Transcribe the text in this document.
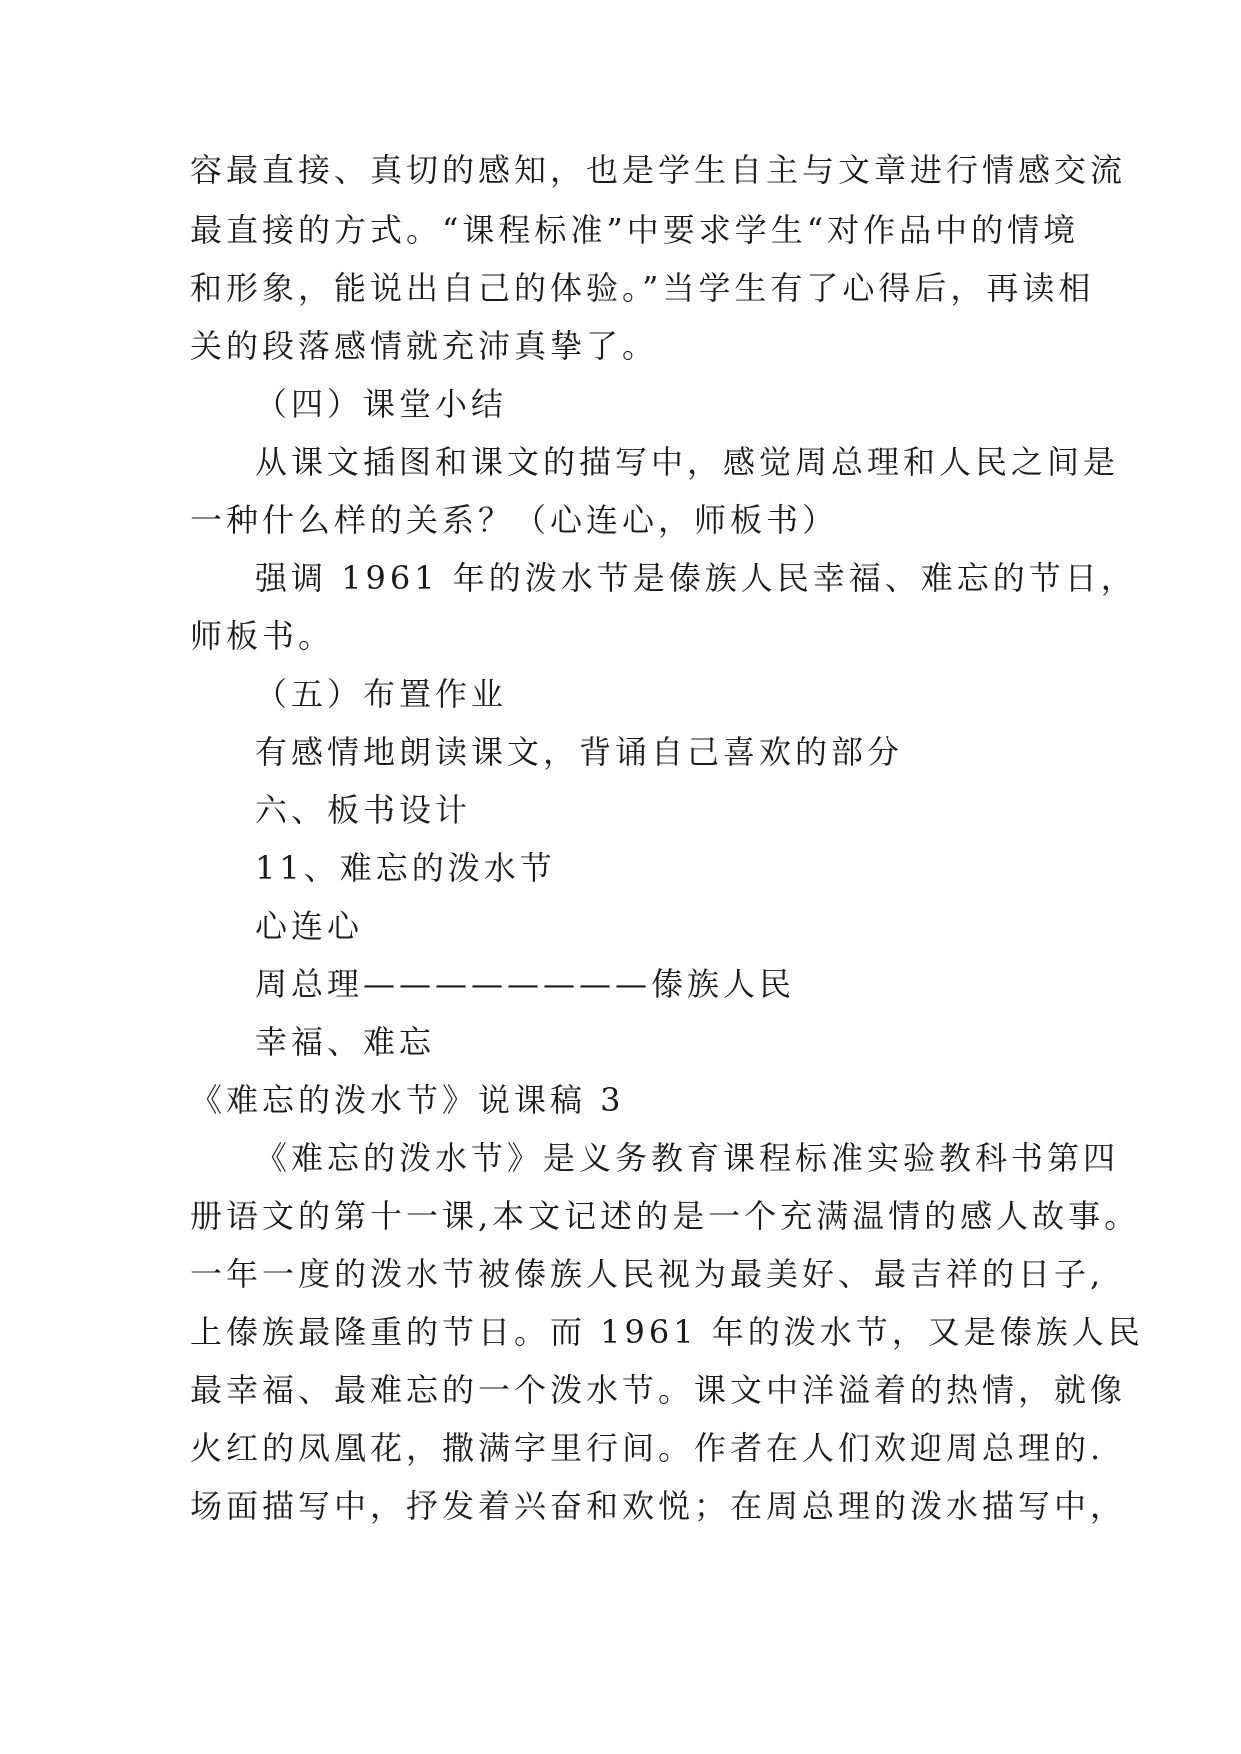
容最直接、真切的感知，也是学生自主与文章进行情感交流
最直接的方式。“课程标准”中要求学生“对作品中的情境
和形象，能说出自己的体验。”当学生有了心得后，再读相
关的段落感情就充沛真挚了。
（四）课堂小结
从课文插图和课文的描写中，感觉周总理和人民之间是
一种什么样的关系？（心连心，师板书）
强调 1961 年的泼水节是傣族人民幸福、难忘的节日，
师板书。
（五）布置作业
有感情地朗读课文，背诵自己喜欢的部分
六、板书设计
11、难忘的泼水节
心连心
周总理————————傣族人民
幸福、难忘
《难忘的泼水节》说课稿 3
《难忘的泼水节》是义务教育课程标准实验教科书第四
册语文的第十一课,本文记述的是一个充满温情的感人故事。
一年一度的泼水节被傣族人民视为最美好、最吉祥的日子,
上傣族最隆重的节日。而 1961 年的泼水节，又是傣族人民
最幸福、最难忘的一个泼水节。课文中洋溢着的热情，就像
火红的凤凰花，撒满字里行间。作者在人们欢迎周总理的.
场面描写中，抒发着兴奋和欢悦；在周总理的泼水描写中，
